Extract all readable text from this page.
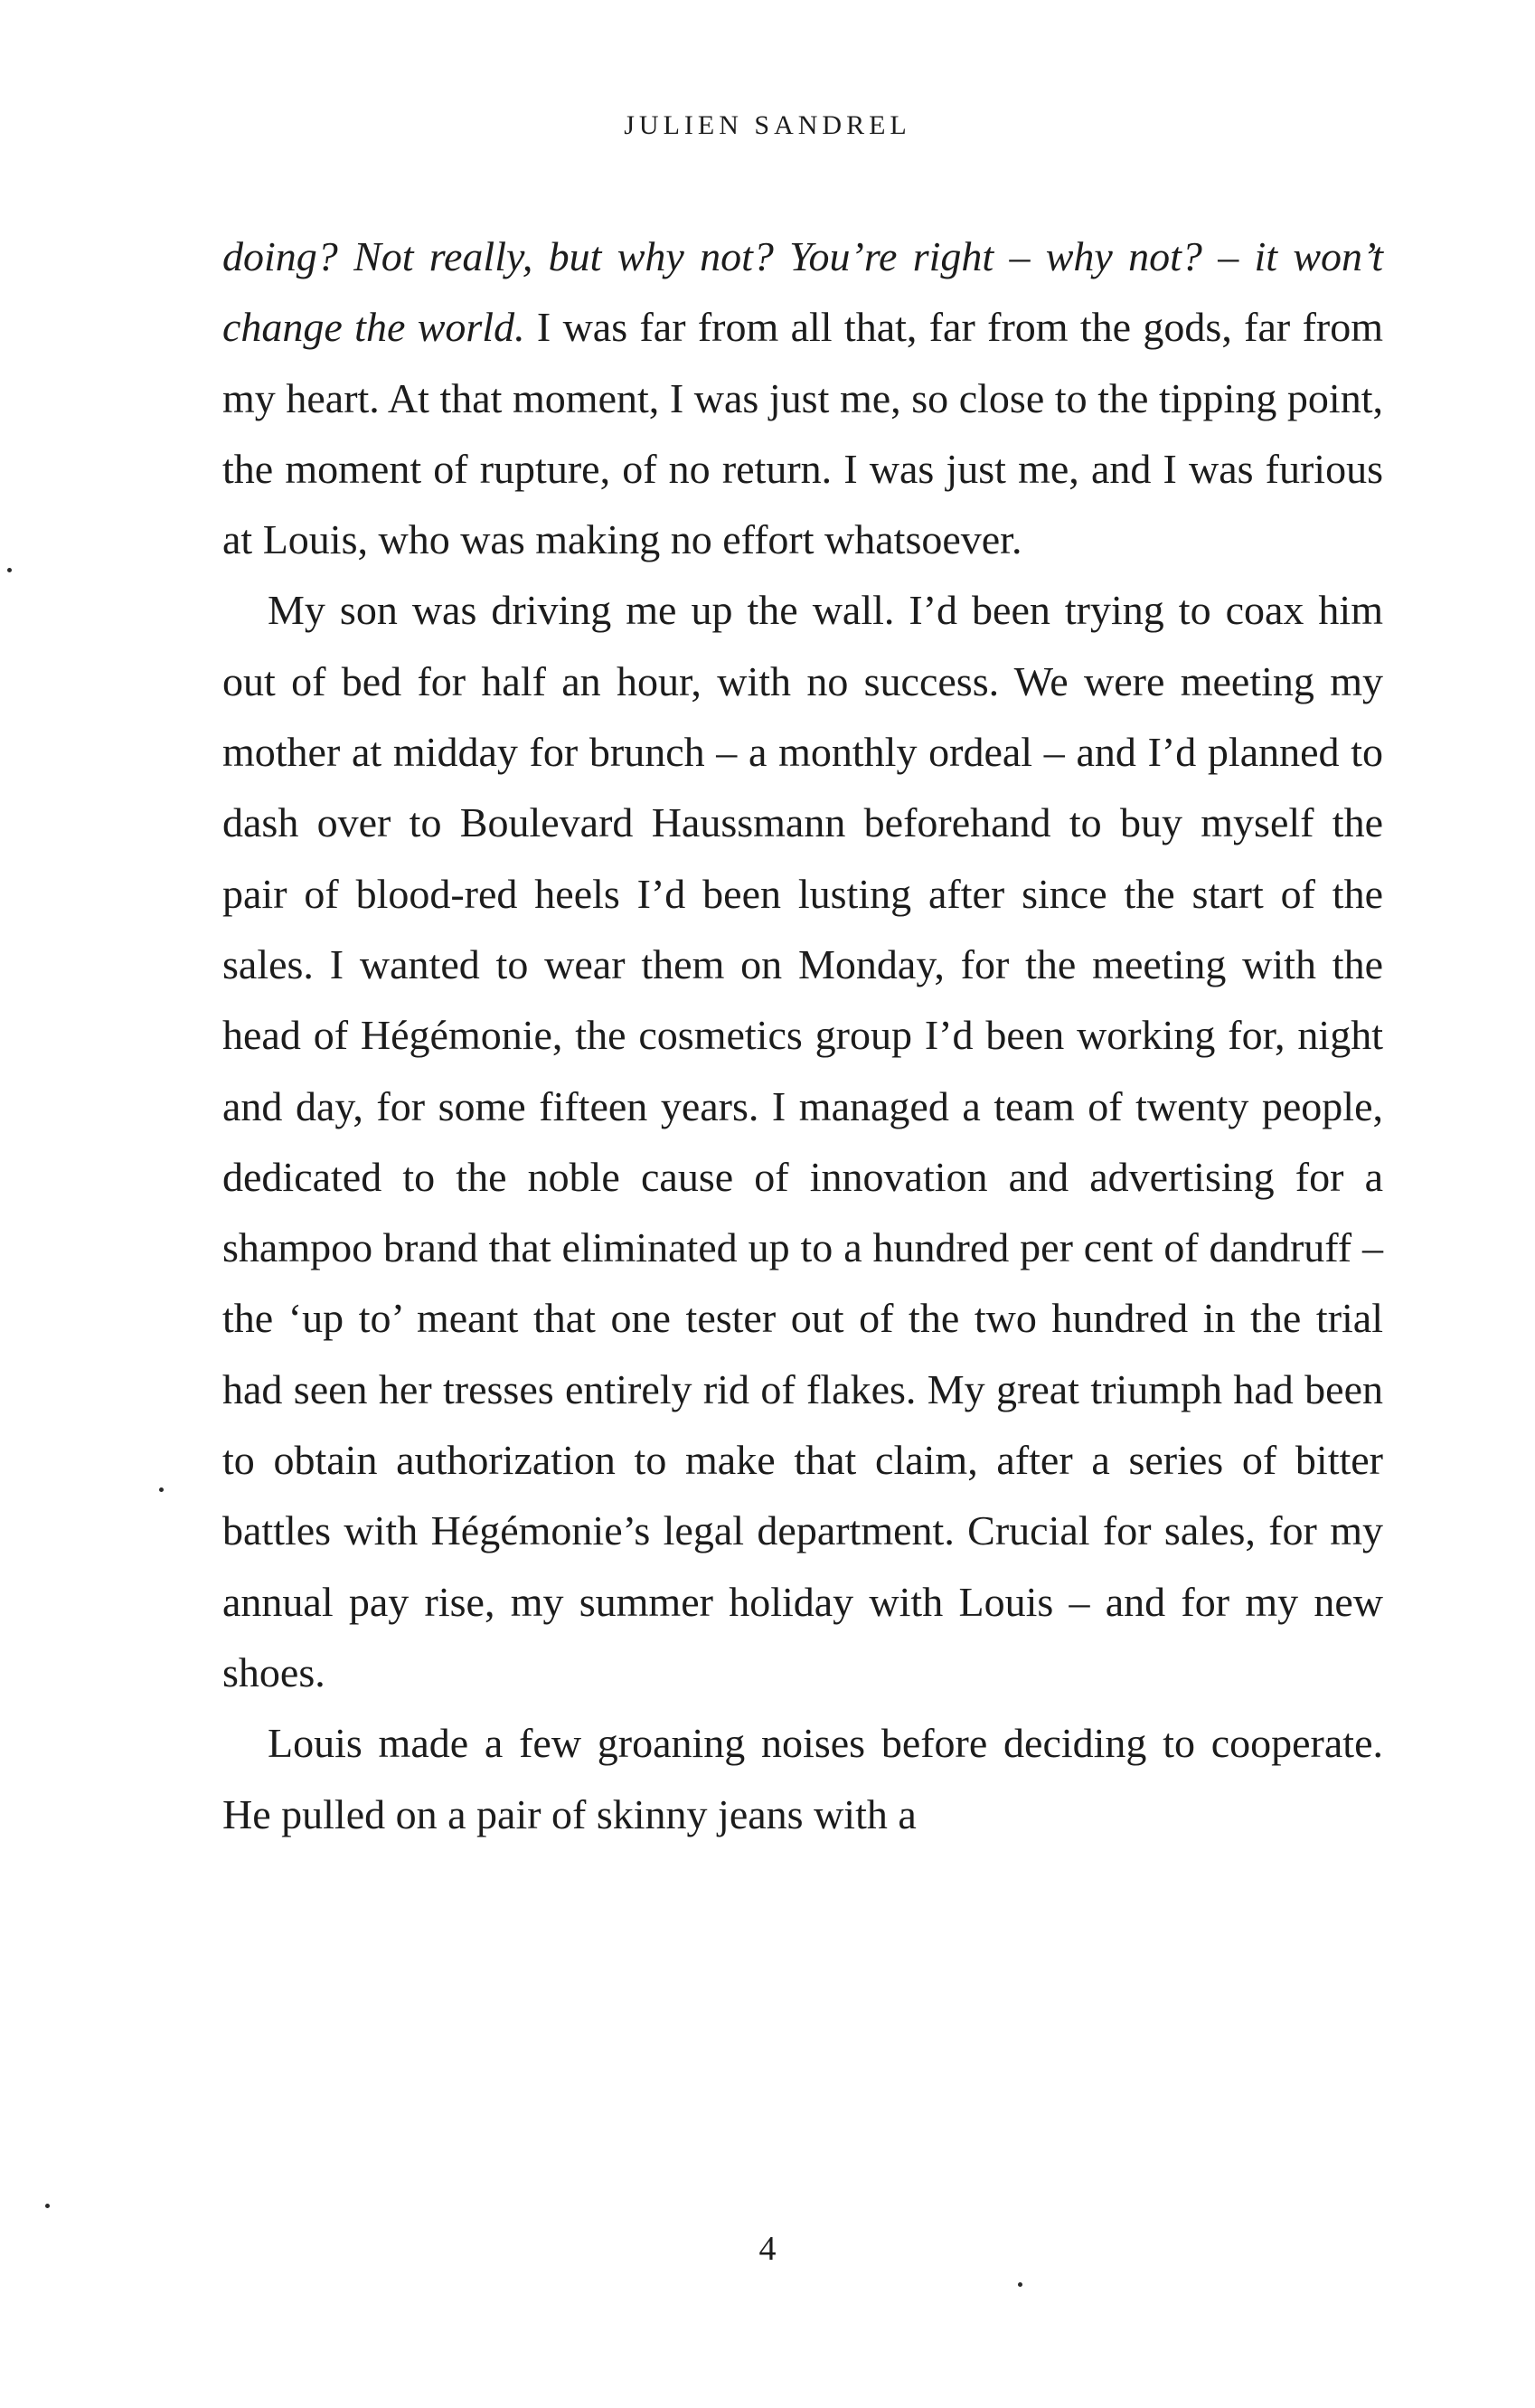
JULIEN SANDREL

doing? Not really, but why not? You’re right – why not? – it won’t change the world. I was far from all that, far from the gods, far from my heart. At that moment, I was just me, so close to the tipping point, the moment of rupture, of no return. I was just me, and I was furious at Louis, who was making no effort whatsoever.

My son was driving me up the wall. I’d been trying to coax him out of bed for half an hour, with no success. We were meeting my mother at midday for brunch – a monthly ordeal – and I’d planned to dash over to Boulevard Haussmann beforehand to buy myself the pair of blood-red heels I’d been lusting after since the start of the sales. I wanted to wear them on Monday, for the meeting with the head of Hégémonie, the cosmetics group I’d been working for, night and day, for some fifteen years. I managed a team of twenty people, dedicated to the noble cause of innovation and advertising for a shampoo brand that eliminated up to a hundred per cent of dandruff – the ‘up to’ meant that one tester out of the two hundred in the trial had seen her tresses entirely rid of flakes. My great triumph had been to obtain authorization to make that claim, after a series of bitter battles with Hégémonie’s legal department. Crucial for sales, for my annual pay rise, my summer holiday with Louis – and for my new shoes.

Louis made a few groaning noises before deciding to cooperate. He pulled on a pair of skinny jeans with a

4
